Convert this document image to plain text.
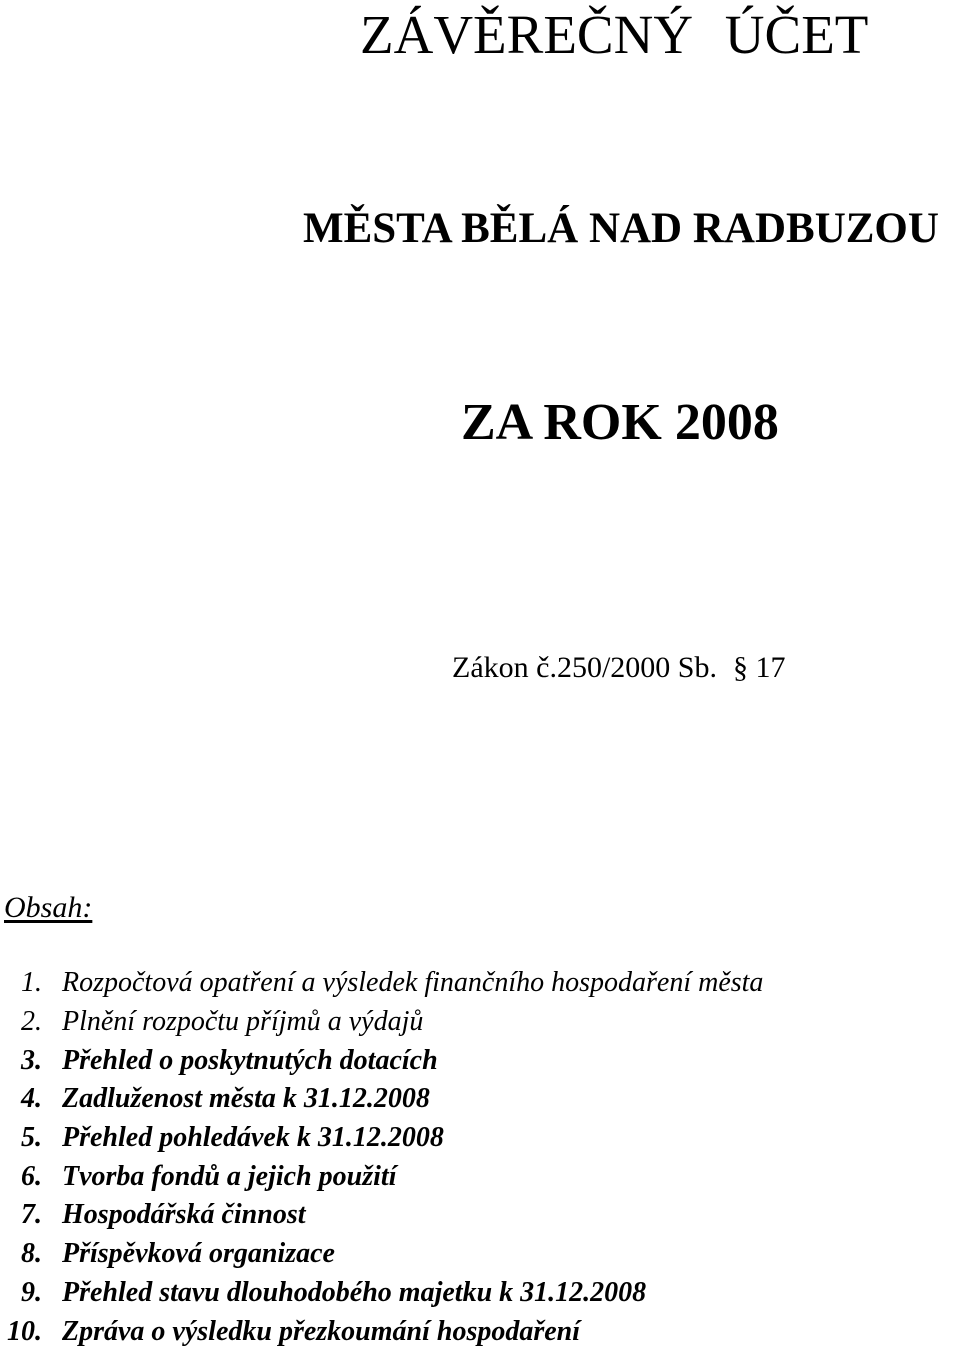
ZÁVĚREČNÝ ÚČET
MĚSTA BĚLÁ NAD RADBUZOU
ZA ROK 2008
Zákon č.250/2000 Sb. § 17
Obsah:
1. Rozpočtová opatření a výsledek finančního hospodaření města
2. Plnění rozpočtu příjmů a výdajů
3. Přehled o poskytnutých dotacích
4. Zadluženost města k 31.12.2008
5. Přehled pohledávek k 31.12.2008
6. Tvorba fondů a jejich použití
7. Hospodářská činnost
8. Příspěvková organizace
9. Přehled stavu dlouhodobého majetku k 31.12.2008
10. Zpráva o výsledku přezkoumání hospodaření
